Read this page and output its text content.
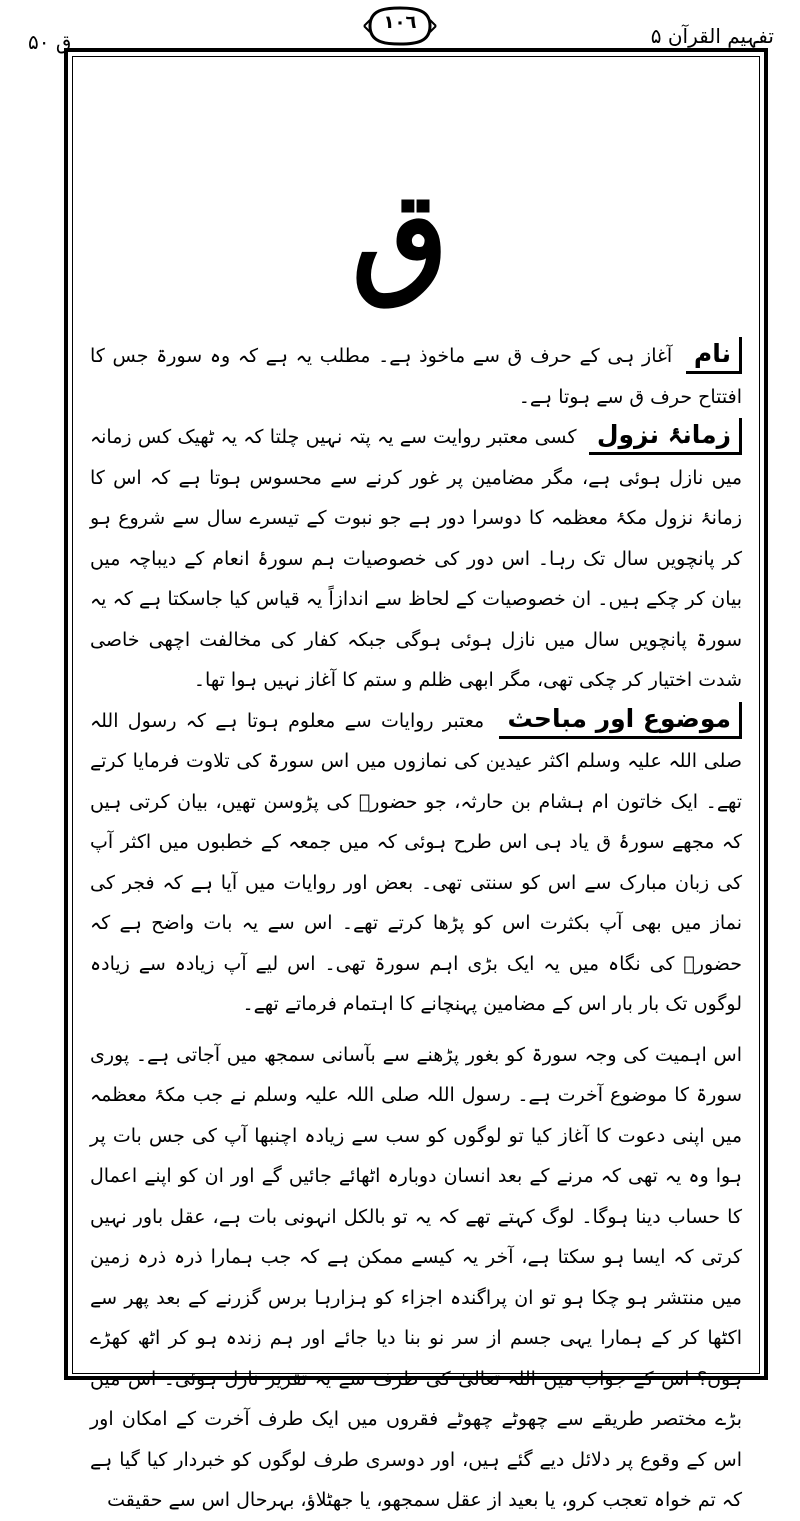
ق ۵۰
١٠٦
تفہیم القرآن ۵
ق

نام آغاز ہی کے حرف ق سے ماخوذ ہے۔ مطلب یہ ہے کہ وہ سورۃ جس کا افتتاح حرف ق سے ہوتا ہے۔

زمانۂ نزول کسی معتبر روایت سے یہ پتہ نہیں چلتا کہ یہ ٹھیک کس زمانہ میں نازل ہوئی ہے، مگر مضامین پر غور کرنے سے محسوس ہوتا ہے کہ اس کا زمانۂ نزول مکۂ معظمہ کا دوسرا دور ہے جو نبوت کے تیسرے سال سے شروع ہو کر پانچویں سال تک رہا۔ اس دور کی خصوصیات ہم سورۂ انعام کے دیباچہ میں بیان کر چکے ہیں۔ ان خصوصیات کے لحاظ سے اندازاً یہ قیاس کیا جاسکتا ہے کہ یہ سورۃ پانچویں سال میں نازل ہوئی ہوگی جبکہ کفار کی مخالفت اچھی خاصی شدت اختیار کر چکی تھی، مگر ابھی ظلم و ستم کا آغاز نہیں ہوا تھا۔

موضوع اور مباحث معتبر روایات سے معلوم ہوتا ہے کہ رسول اللہ صلی اللہ علیہ وسلم اکثر عیدین کی نمازوں میں اس سورۃ کی تلاوت فرمایا کرتے تھے۔ ایک خاتون ام ہشام بن حارثہ، جو حضورؐ کی پڑوسن تھیں، بیان کرتی ہیں کہ مجھے سورۂ ق یاد ہی اس طرح ہوئی کہ میں جمعہ کے خطبوں میں اکثر آپ کی زبان مبارک سے اس کو سنتی تھی۔ بعض اور روایات میں آیا ہے کہ فجر کی نماز میں بھی آپ بکثرت اس کو پڑھا کرتے تھے۔ اس سے یہ بات واضح ہے کہ حضورؐ کی نگاہ میں یہ ایک بڑی اہم سورۃ تھی۔ اس لیے آپ زیادہ سے زیادہ لوگوں تک بار بار اس کے مضامین پہنچانے کا اہتمام فرماتے تھے۔

اس اہمیت کی وجہ سورۃ کو بغور پڑھنے سے بآسانی سمجھ میں آجاتی ہے۔ پوری سورۃ کا موضوع آخرت ہے۔ رسول اللہ صلی اللہ علیہ وسلم نے جب مکۂ معظمہ میں اپنی دعوت کا آغاز کیا تو لوگوں کو سب سے زیادہ اچنبھا آپ کی جس بات پر ہوا وہ یہ تھی کہ مرنے کے بعد انسان دوبارہ اٹھائے جائیں گے اور ان کو اپنے اعمال کا حساب دینا ہوگا۔ لوگ کہتے تھے کہ یہ تو بالکل انہونی بات ہے، عقل باور نہیں کرتی کہ ایسا ہو سکتا ہے، آخر یہ کیسے ممکن ہے کہ جب ہمارا ذرہ ذرہ زمین میں منتشر ہو چکا ہو تو ان پراگندہ اجزاء کو ہزارہا برس گزرنے کے بعد پھر سے اکٹھا کر کے ہمارا یہی جسم از سر نو بنا دیا جائے اور ہم زندہ ہو کر اٹھ کھڑے ہوں؟ اس کے جواب میں اللہ تعالیٰ کی طرف سے یہ تقریر نازل ہوئی۔ اس میں بڑے مختصر طریقے سے چھوٹے چھوٹے فقروں میں ایک طرف آخرت کے امکان اور اس کے وقوع پر دلائل دیے گئے ہیں، اور دوسری طرف لوگوں کو خبردار کیا گیا ہے کہ تم خواہ تعجب کرو، یا بعید از عقل سمجھو، یا جھٹلاؤ، بہرحال اس سے حقیقت
